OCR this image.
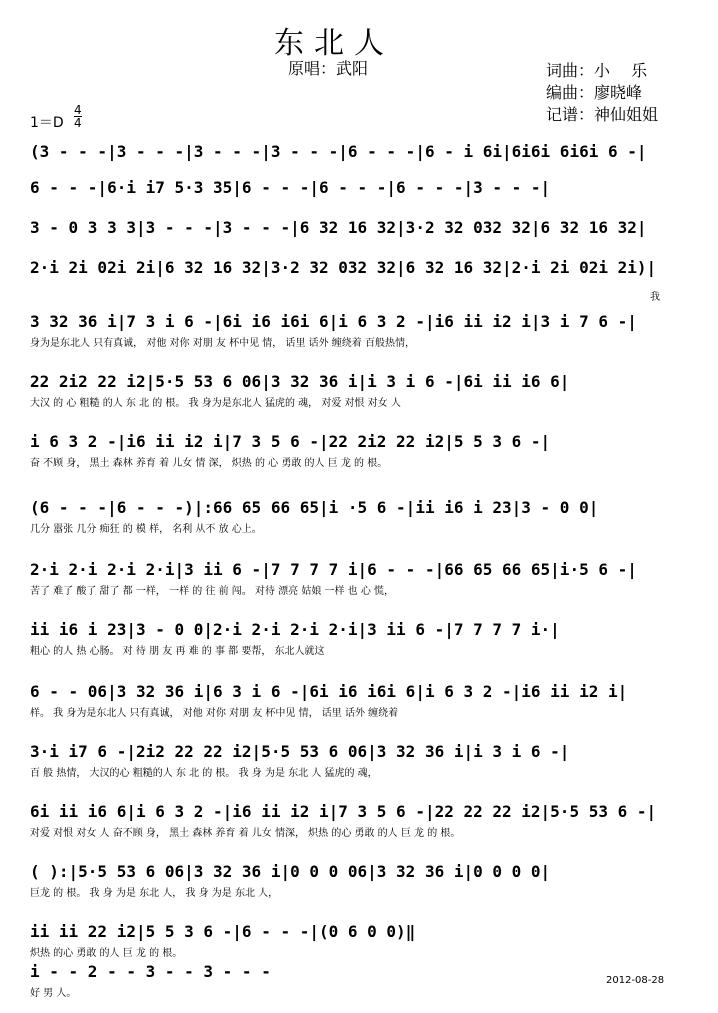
东北人
原唱：武阳	词曲：小　 乐
编曲：廖晓峰
记谱：神仙姐姐
1＝D
4
4
我
(3 - - -|3 - - -|3 - - -|3 - - -|6 - - -|6 - i 6i|6i6i 6i6i 6 -|
6 - - -|6·i i7 5·3 35|6 - - -|6 - - -|6 - - -|3 - - -|
3 - 0 3 3 3|3 - - -|3 - - -|6 32 16 32|3·2 32 032 32|6 32 16 32|
2·i 2i 02i 2i|6 32 16 32|3·2 32 032 32|6 32 16 32|2·i 2i 02i 2i)|
3 32 36 i|7 3 i 6 -|6i i6 i6i 6|i 6 3 2 -|i6 ii i2 i|3 i 7 6 -|
身为是东北人 只有真诚， 对他 对你 对朋 友 杯中见 情， 话里 话外 缠绕着 百般热情，
22 2i2 22 i2|5·5 53 6 06|3 32 36 i|i 3 i 6 -|6i ii i6 6|
大汉 的 心 粗糙 的人 东 北 的 根。 我 身为是东北人 猛虎的 魂， 对爱 对恨 对女 人
i 6 3 2 -|i6 ii i2 i|7 3 5 6 -|22 2i2 22 i2|5 5 3 6 -|
奋 不顾 身， 黑土 森林 养育 着 儿女 情 深， 炽热 的 心 勇敢 的人 巨 龙 的 根。
(6 - - -|6 - - -)|:66 65 66 65|i ·5 6 -|ii i6 i 23|3 - 0 0|
几分 嚣张 几分 痴狂 的 模 样， 名利 从不 放 心上。
2·i 2·i 2·i 2·i|3 ii 6 -|7 7 7 7 i|6 - - -|66 65 66 65|i·5 6 -|
苦了 难了 酸了 甜了 都 一样， 一样 的 往 前 闯。 对待 漂亮 姑娘 一样 也 心 慌，
ii i6 i 23|3 - 0 0|2·i 2·i 2·i 2·i|3 ii 6 -|7 7 7 7 i·|
粗心 的人 热 心肠。 对 待 朋 友 再 难 的 事 都 要帮， 东北人就这
6 - - 06|3 32 36 i|6 3 i 6 -|6i i6 i6i 6|i 6 3 2 -|i6 ii i2 i|
样。 我 身为是东北人 只有真诚， 对他 对你 对朋 友 杯中见 情， 话里 话外 缠绕着
3·i i7 6 -|2i2 22 22 i2|5·5 53 6 06|3 32 36 i|i 3 i 6 -|
百 般 热情， 大汉的心 粗糙的人 东 北 的 根。 我 身 为是 东北 人 猛虎的 魂，
6i ii i6 6|i 6 3 2 -|i6 ii i2 i|7 3 5 6 -|22 22 22 i2|5·5 53 6 -|
对爱 对恨 对女 人 奋不顾 身， 黑土 森林 养育 着 儿女 情深， 炽热 的心 勇敢 的人 巨 龙 的 根。
( ):|5·5 53 6 06|3 32 36 i|0 0 0 06|3 32 36 i|0 0 0 0|
巨龙 的 根。 我 身 为是 东北 人， 我 身 为是 东北 人，
ii ii 22 i2|5 5 3 6 -|6 - - -|(0 6 0 0)‖
炽热 的心 勇敢 的人 巨 龙 的 根。
i - - 2 - - 3 - - 3 - - -
好 男 人。
2012-08-28
